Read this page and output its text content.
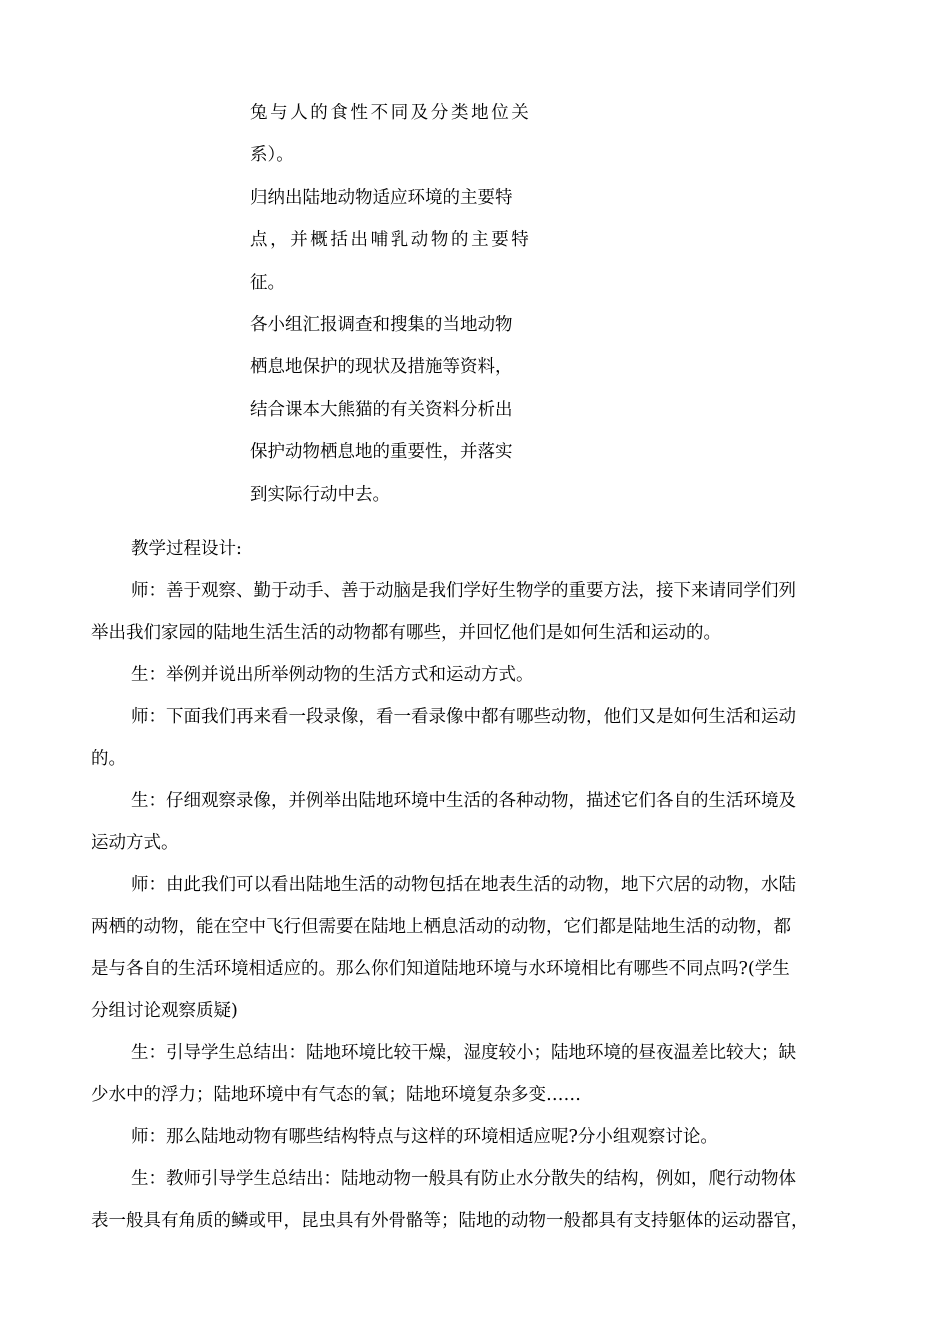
兔与人的食性不同及分类地位关
系）。
归纳出陆地动物适应环境的主要特
点，并概括出哺乳动物的主要特
征。
各小组汇报调查和搜集的当地动物
栖息地保护的现状及措施等资料，
结合课本大熊猫的有关资料分析出
保护动物栖息地的重要性，并落实
到实际行动中去。

教学过程设计:

师：善于观察、勤于动手、善于动脑是我们学好生物学的重要方法，接下来请同学们列
举出我们家园的陆地生活生活的动物都有哪些，并回忆他们是如何生活和运动的。

生：举例并说出所举例动物的生活方式和运动方式。

师：下面我们再来看一段录像，看一看录像中都有哪些动物，他们又是如何生活和运动
的。

生：仔细观察录像，并例举出陆地环境中生活的各种动物，描述它们各自的生活环境及
运动方式。

师：由此我们可以看出陆地生活的动物包括在地表生活的动物，地下穴居的动物，水陆
两栖的动物，能在空中飞行但需要在陆地上栖息活动的动物，它们都是陆地生活的动物，都
是与各自的生活环境相适应的。那么你们知道陆地环境与水环境相比有哪些不同点吗?(学生
分组讨论观察质疑)

生：引导学生总结出：陆地环境比较干燥，湿度较小；陆地环境的昼夜温差比较大；缺
少水中的浮力；陆地环境中有气态的氧；陆地环境复杂多变……

师：那么陆地动物有哪些结构特点与这样的环境相适应呢?分小组观察讨论。

生：教师引导学生总结出：陆地动物一般具有防止水分散失的结构，例如，爬行动物体
表一般具有角质的鳞或甲，昆虫具有外骨骼等；陆地的动物一般都具有支持躯体的运动器官，
